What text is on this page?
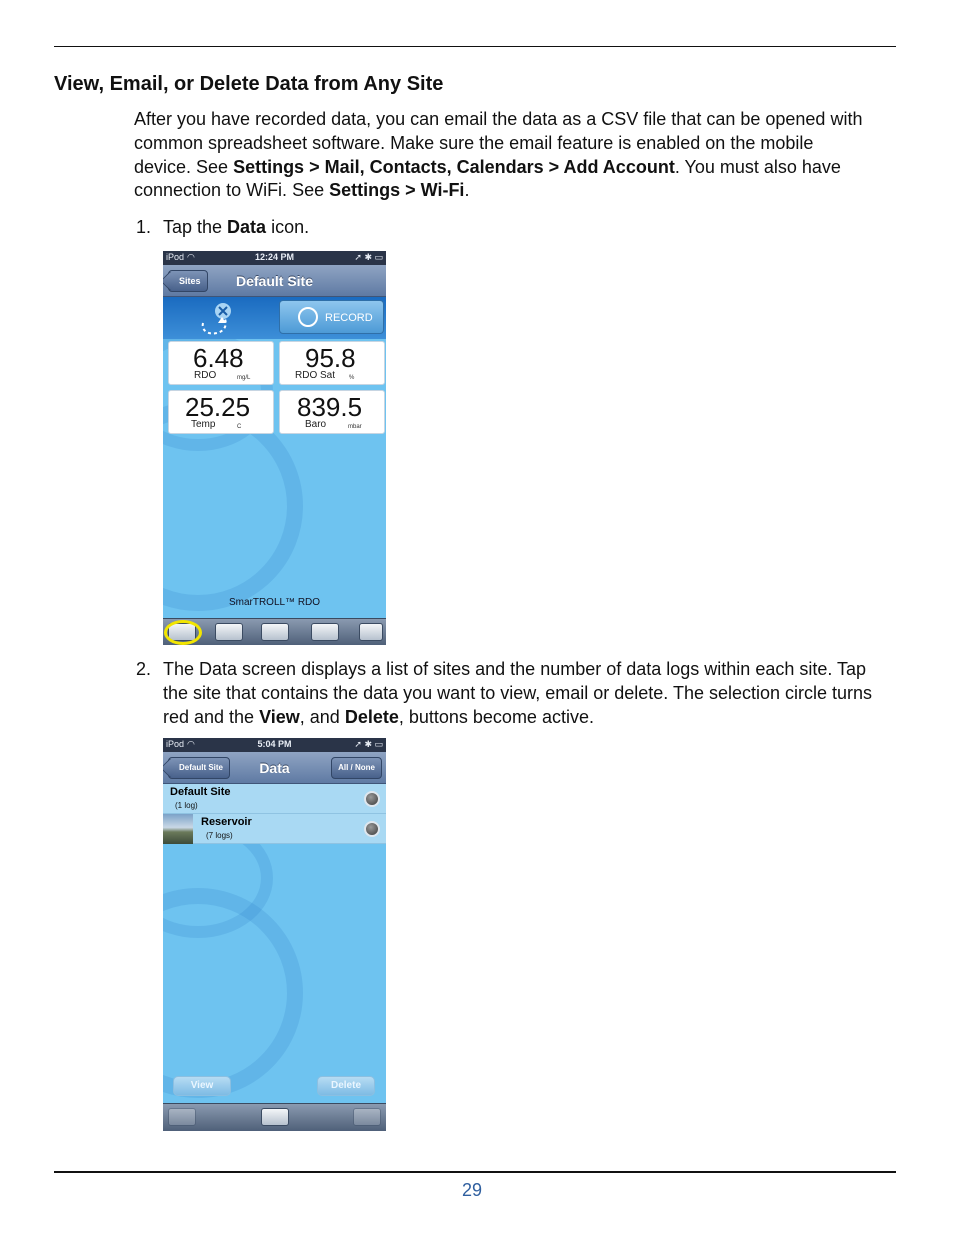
View, Email, or Delete Data from Any Site

After you have recorded data, you can email the data as a CSV file that can be opened with common spreadsheet software. Make sure the email feature is enabled on the mobile device. See Settings > Mail, Contacts, Calendars > Add Account. You must also have connection to WiFi. See Settings > Wi-Fi.

1. Tap the Data icon.
iPod ◠	12:24 PM	➚ ✱ ▭
Sites	Default Site
RECORD
6.48
RDO	mg/L
95.8
RDO Sat %
25.25
Temp	C
839.5
Baro	mbar
SmarTROLL™ RDO
2. The Data screen displays a list of sites and the number of data logs within each site. Tap the site that contains the data you want to view, email or delete. The selection circle turns red and the View, and Delete, buttons become active.
iPod ◠	5:04 PM	➚ ✱ ▭
Default Site	Data	All / None
Default Site
(1 log)
Reservoir
(7 logs)
View	Delete
29
